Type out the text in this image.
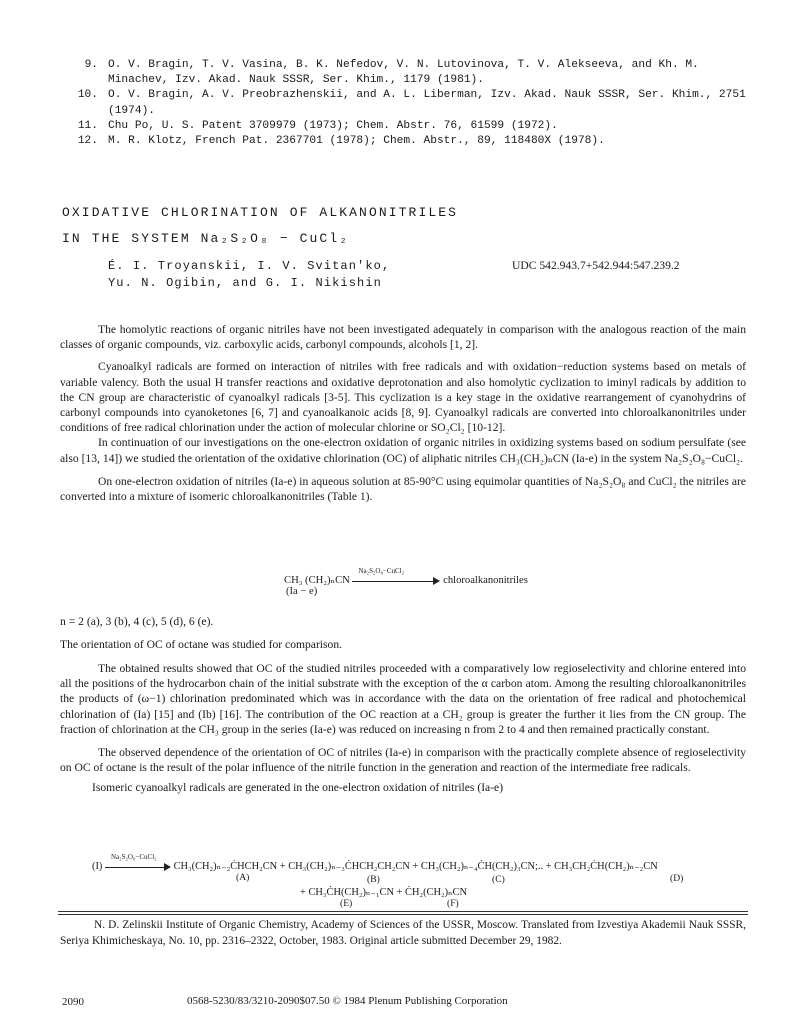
9. O. V. Bragin, T. V. Vasina, B. K. Nefedov, V. N. Lutovinova, T. V. Alekseeva, and Kh. M. Minachev, Izv. Akad. Nauk SSSR, Ser. Khim., 1179 (1981).
10. O. V. Bragin, A. V. Preobrazhenskii, and A. L. Liberman, Izv. Akad. Nauk SSSR, Ser. Khim., 2751 (1974).
11. Chu Po, U. S. Patent 3709979 (1973); Chem. Abstr. 76, 61599 (1972).
12. M. R. Klotz, French Pat. 2367701 (1978); Chem. Abstr., 89, 118480X (1978).
OXIDATIVE CHLORINATION OF ALKANONITRILES
IN THE SYSTEM Na₂S₂O₈ − CuCl₂
É. I. Troyanskii, I. V. Svitan'ko,
Yu. N. Ogibin, and G. I. Nikishin
UDC 542.943.7+542.944:547.239.2

The homolytic reactions of organic nitriles have not been investigated adequately in comparison with the analogous reaction of the main classes of organic compounds, viz. carboxylic acids, carbonyl compounds, alcohols [1, 2].

Cyanoalkyl radicals are formed on interaction of nitriles with free radicals and with oxidation−reduction systems based on metals of variable valency. Both the usual H transfer reactions and oxidative deprotonation and also homolytic cyclization to iminyl radicals by addition to the CN group are characteristic of cyanoalkyl radicals [3-5]. This cyclization is a key stage in the oxidative rearrangement of cyanohydrins of carbonyl compounds into cyanoketones [6, 7] and cyanoalkanoic acids [8, 9]. Cyanoalkyl radicals are converted into chloroalkanonitriles under conditions of free radical chlorination under the action of molecular chlorine or SO₂Cl₂ [10-12].

In continuation of our investigations on the one-electron oxidation of organic nitriles in oxidizing systems based on sodium persulfate (see also [13, 14]) we studied the orientation of the oxidative chlorination (OC) of aliphatic nitriles CH₃(CH₂)ₙCN (Ia-e) in the system Na₂S₂O₈−CuCl₂.

On one-electron oxidation of nitriles (Ia-e) in aqueous solution at 85-90°C using equimolar quantities of Na₂S₂O₈ and CuCl₂ the nitriles are converted into a mixture of isomeric chloroalkanonitriles (Table 1).

CH₃ (CH₂)ₙCN
Na₂S₂O₈−CuCl₂
chloroalkanonitriles
(Ia − e)
n = 2 (a), 3 (b), 4 (c), 5 (d), 6 (e).
The orientation of OC of octane was studied for comparison.

The obtained results showed that OC of the studied nitriles proceeded with a comparatively low regioselectivity and chlorine entered into all the positions of the hydrocarbon chain of the initial substrate with the exception of the α carbon atom. Among the resulting chloroalkanonitriles the products of (ω−1) chlorination predominated which was in accordance with the data on the orientation of free radical and photochemical chlorination of (Ia) [15] and (Ib) [16]. The contribution of the OC reaction at a CH₂ group is greater the further it lies from the CN group. The fraction of chlorination at the CH₃ group in the series (Ia-e) was reduced on increasing n from 2 to 4 and then remained practically constant.

The observed dependence of the orientation of OC of nitriles (Ia-e) in comparison with the practically complete absence of regioselectivity on OC of octane is the result of the polar influence of the nitrile function in the generation and reaction of the intermediate free radicals.

Isomeric cyanoalkyl radicals are generated in the one-electron oxidation of nitriles (Ia-e)

(I)
Na₂S₂O₈−CuCl₂
CH₃(CH₂)ₙ₋₂ĊHCH₂CN + CH₃(CH₂)ₙ₋₃ĊHCH₂CH₂CN + CH₃(CH₂)ₙ₋₄ĊH(CH₂)₃CN;.. + CH₃CH₂ĊH(CH₂)ₙ₋₂CN
(A)	(B)	(C)	(D)
+ CH₃ĊH(CH₂)ₙ₋₁CN + ĊH₂(CH₂)ₙCN
(E)	(F)

N. D. Zelinskii Institute of Organic Chemistry, Academy of Sciences of the USSR, Moscow. Translated from Izvestiya Akademii Nauk SSSR, Seriya Khimicheskaya, No. 10, pp. 2316–2322, October, 1983. Original article submitted December 29, 1982.

2090	0568-5230/83/3210-2090$07.50 © 1984 Plenum Publishing Corporation
